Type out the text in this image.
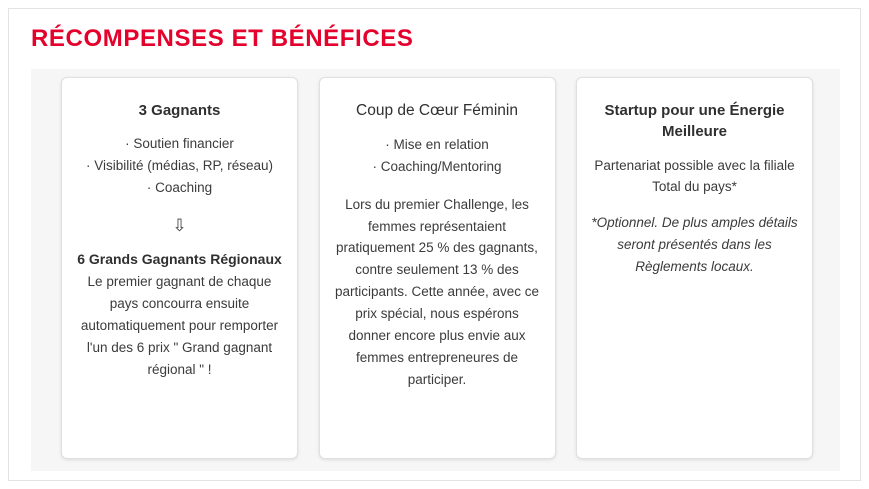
RÉCOMPENSES ET BÉNÉFICES
3 Gagnants
· Soutien financier
· Visibilité (médias, RP, réseau)
· Coaching
⇩
6 Grands Gagnants Régionaux

Le premier gagnant de chaque pays concourra ensuite automatiquement pour remporter l'un des 6 prix " Grand gagnant régional " !

Coup de Cœur Féminin
· Mise en relation
· Coaching/Mentoring

Lors du premier Challenge, les femmes représentaient pratiquement 25 % des gagnants, contre seulement 13 % des participants. Cette année, avec ce prix spécial, nous espérons donner encore plus envie aux femmes entrepreneures de participer.

Startup pour une Énergie Meilleure

Partenariat possible avec la filiale Total du pays*

*Optionnel. De plus amples détails seront présentés dans les Règlements locaux.
